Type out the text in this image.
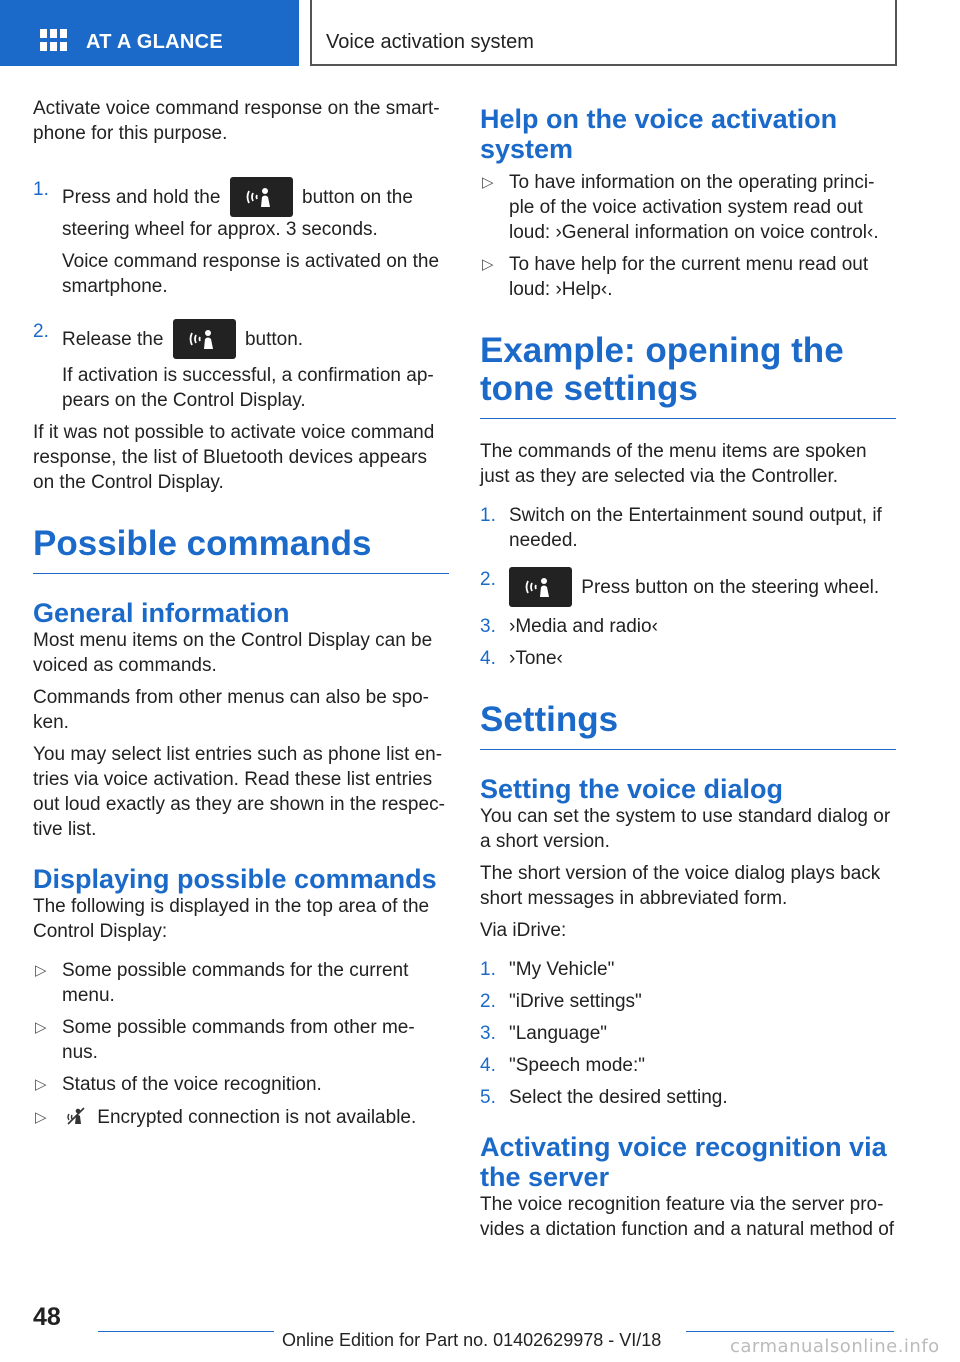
AT A GLANCE	Voice activation system

Activate voice command response on the smart-phone for this purpose.

1. Press and hold the	button on the steering wheel for approx. 3 seconds.

Voice command response is activated on the smartphone.

2. Release the	button.

If activation is successful, a confirmation ap-pears on the Control Display.

If it was not possible to activate voice command response, the list of Bluetooth devices appears on the Control Display.

Possible commands
General information

Most menu items on the Control Display can be voiced as commands.

Commands from other menus can also be spo-ken.

You may select list entries such as phone list en-tries via voice activation. Read these list entries out loud exactly as they are shown in the respec-tive list.

Displaying possible commands

The following is displayed in the top area of the Control Display:

▷ Some possible commands for the current menu.
▷ Some possible commands from other me-nus.
▷ Status of the voice recognition.
▷	Encrypted connection is not available.
Help on the voice activation system
▷ To have information on the operating princi-ple of the voice activation system read out loud: ›General information on voice control‹.
▷ To have help for the current menu read out loud: ›Help‹.
Example: opening the tone settings

The commands of the menu items are spoken just as they are selected via the Controller.

1. Switch on the Entertainment sound output, if needed.
2.	Press button on the steering wheel.
3. ›Media and radio‹
4. ›Tone‹
Settings
Setting the voice dialog

You can set the system to use standard dialog or a short version.

The short version of the voice dialog plays back short messages in abbreviated form.

Via iDrive:

1. "My Vehicle"
2. "iDrive settings"
3. "Language"
4. "Speech mode:"
5. Select the desired setting.
Activating voice recognition via the server

The voice recognition feature via the server pro-vides a dictation function and a natural method of

48
Online Edition for Part no. 01402629978 - VI/18	carmanualsonline.info
